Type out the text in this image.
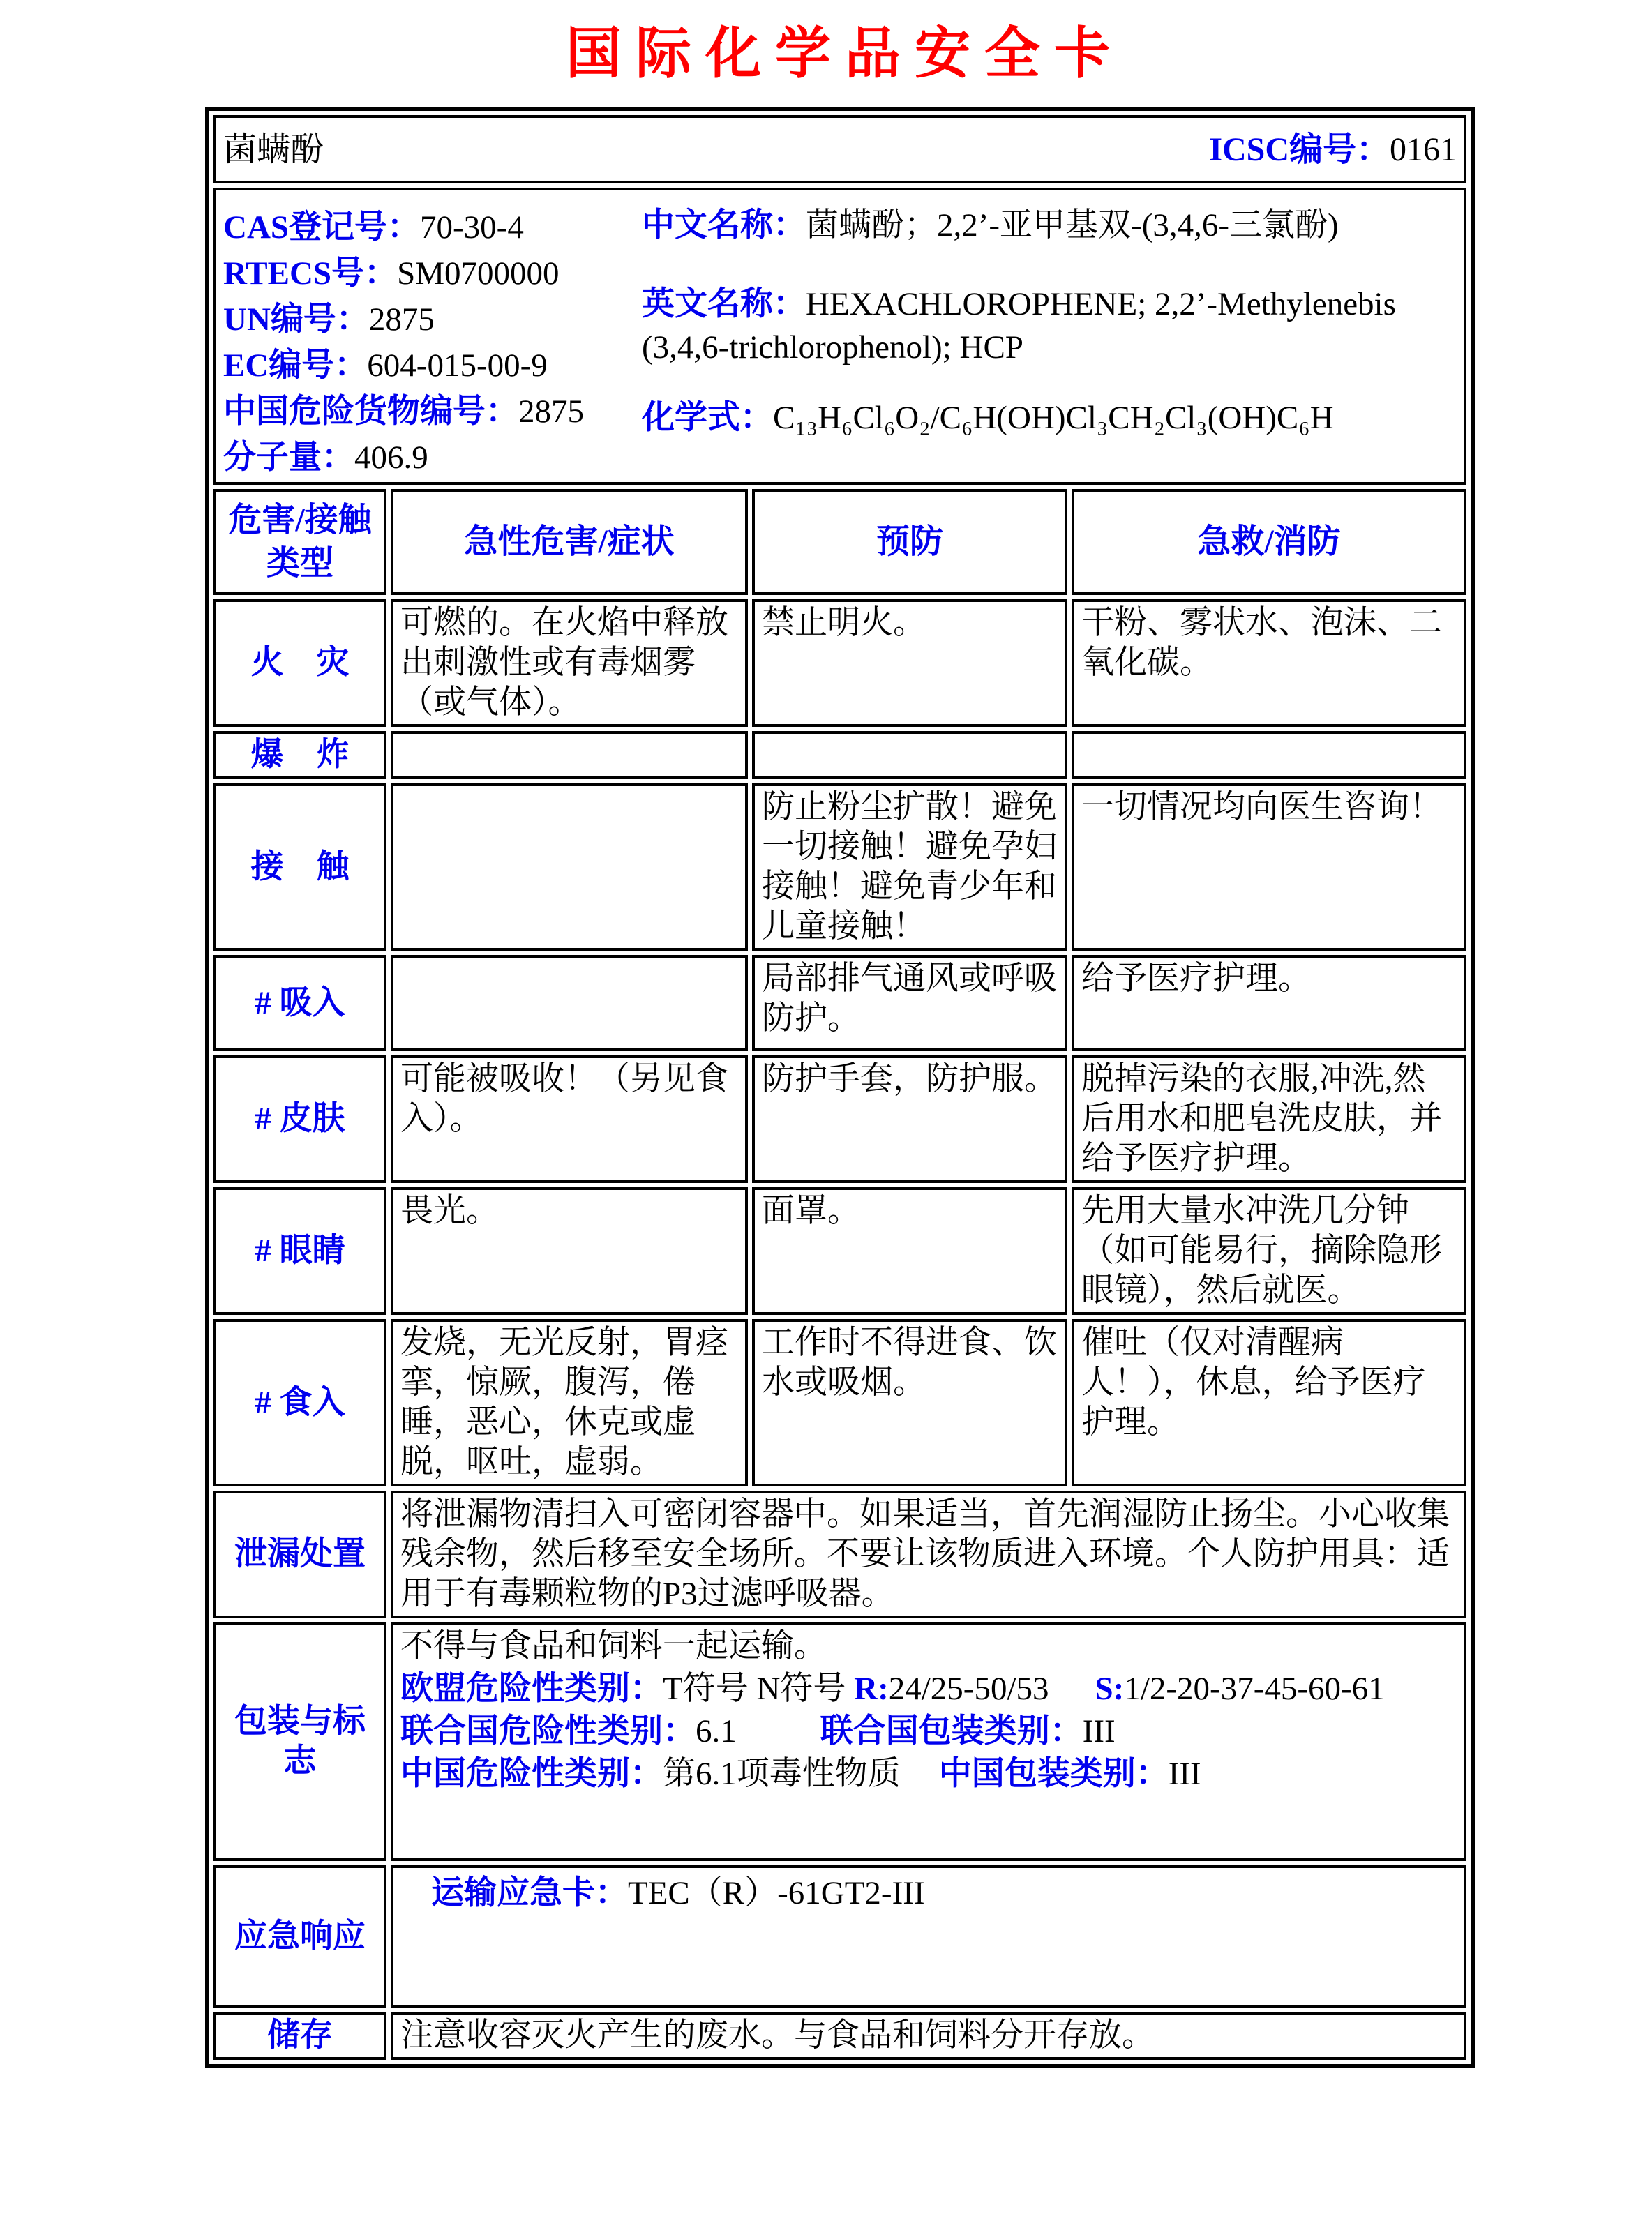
国际化学品安全卡
菌螨酚 ICSC编号：0161			

CAS登记号：70-30-4
RTECS号：SM0700000
UN编号：2875
EC编号：604-015-00-9
中国危险货物编号：2875
分子量：406.9

中文名称：菌螨酚；2,2’-亚甲基双-(3,4,6-三氯酚)

英文名称：HEXACHLOROPHENE; 2,2’-Methylenebis (3,4,6-trichlorophenol); HCP

化学式：C₁₃H₆Cl₆O₂/C₆H(OH)Cl₃CH₂Cl₃(OH)C₆H

危害/接触类型	急性危害/症状	预防	急救/消防
火　灾	可燃的。在火焰中释放出刺激性或有毒烟雾（或气体）。	禁止明火。	干粉、雾状水、泡沫、二氧化碳。
爆　炸			
接　触		防止粉尘扩散！避免一切接触！避免孕妇接触！避免青少年和儿童接触！	一切情况均向医生咨询！
# 吸入		局部排气通风或呼吸防护。	给予医疗护理。
# 皮肤	可能被吸收！（另见食入）。	防护手套，防护服。	脱掉污染的衣服,冲洗,然后用水和肥皂洗皮肤，并给予医疗护理。
# 眼睛	畏光。	面罩。	先用大量水冲洗几分钟（如可能易行，摘除隐形眼镜），然后就医。
# 食入	发烧，无光反射，胃痉挛，惊厥，腹泻，倦睡，恶心，休克或虚脱，呕吐，虚弱。	工作时不得进食、饮水或吸烟。	催吐（仅对清醒病人！），休息，给予医疗护理。
泄漏处置	将泄漏物清扫入可密闭容器中。如果适当，首先润湿防止扬尘。小心收集残余物，然后移至安全场所。不要让该物质进入环境。个人防护用具：适用于有毒颗粒物的P3过滤呼吸器。		
包装与标志	不得与食品和饲料一起运输。
欧盟危险性类别：T符号 N符号 R:24/25-50/53 S:1/2-20-37-45-60-61
联合国危险性类别：6.1 联合国包装类别：III
中国危险性类别：第6.1项毒性物质 中国包装类别：III		

应急响应	运输应急卡：TEC（R）-61GT2-III		

储存	注意收容灭火产生的废水。与食品和饲料分开存放。		
